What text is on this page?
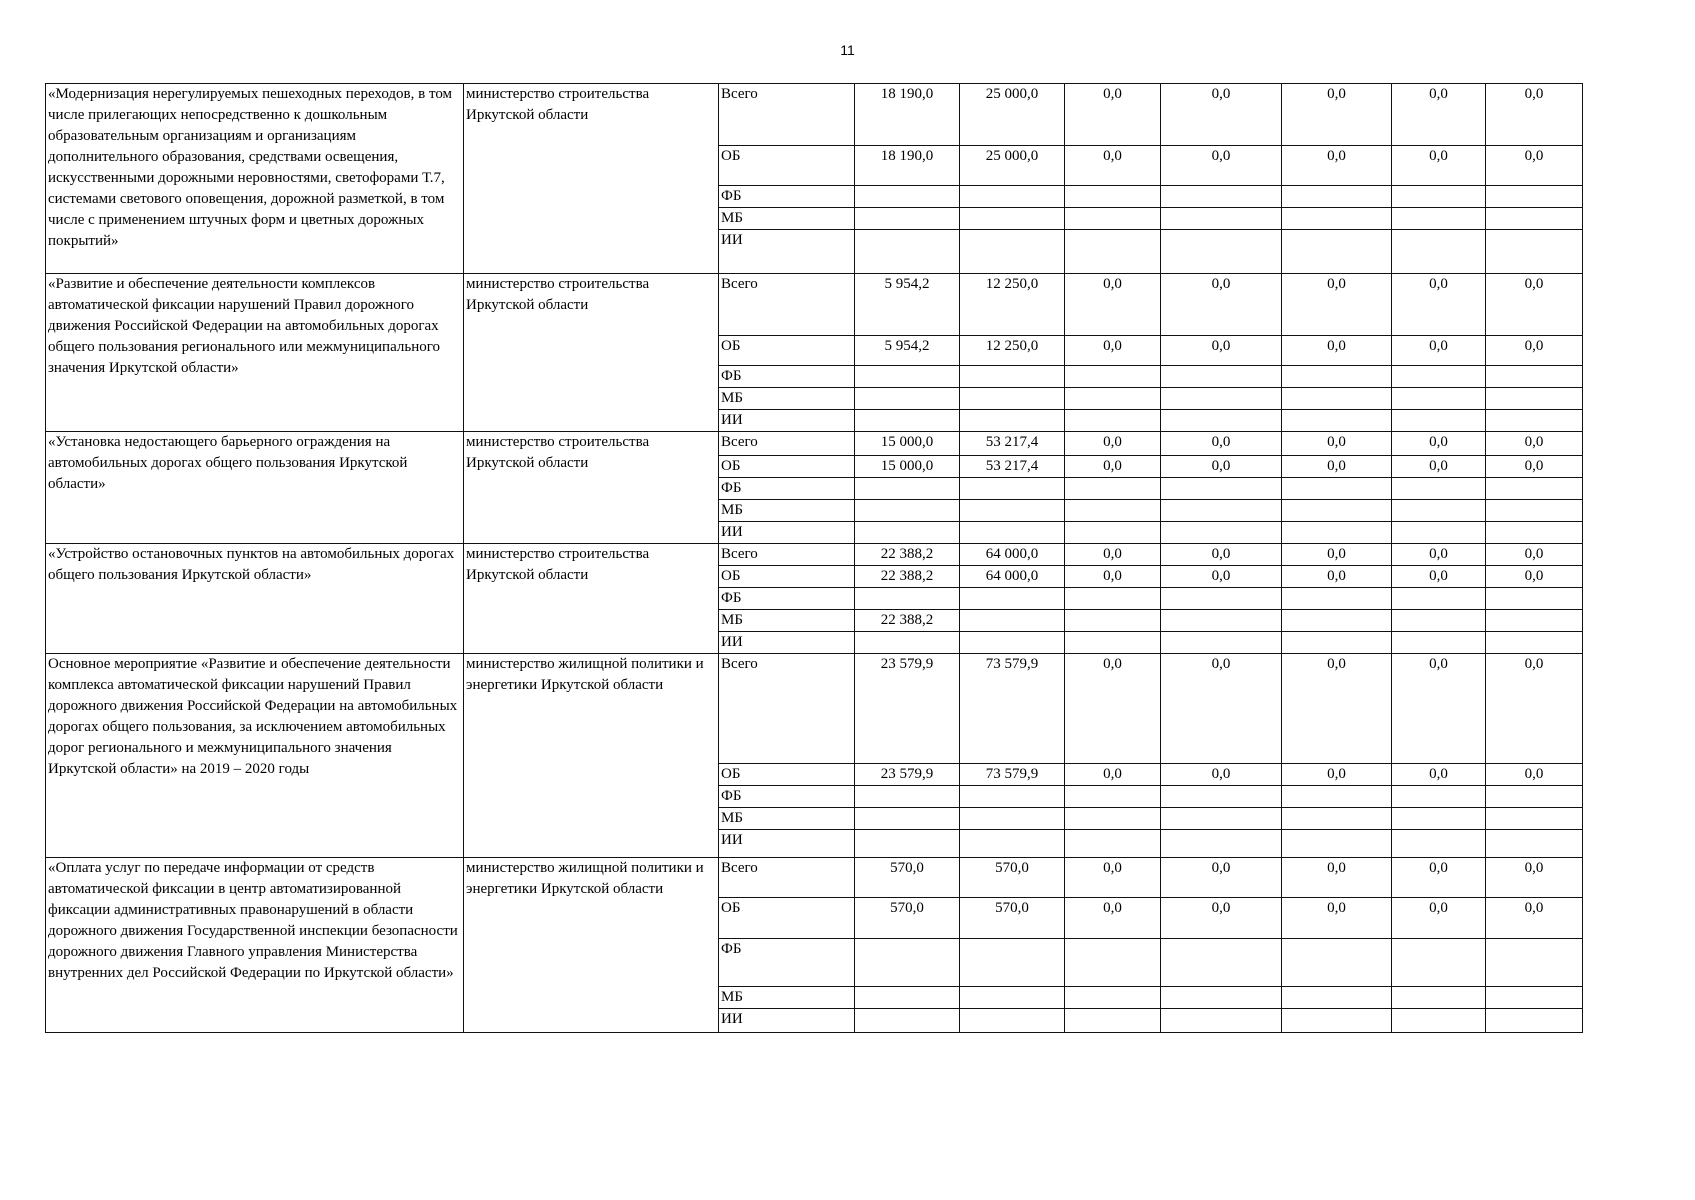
11
«Модернизация нерегулируемых пешеходных переходов, в том числе прилегающих непосредственно к дошкольным образовательным организациям и организациям дополнительного образования, средствами освещения, искусственными дорожными неровностями, светофорами Т.7, системами светового оповещения, дорожной разметкой, в том числе с применением штучных форм и цветных дорожных покрытий»	министерство строительства Иркутской области	Всего	18 190,0	25 000,0	0,0	0,0	0,0	0,0	0,0
		ОБ	18 190,0	25 000,0	0,0	0,0	0,0	0,0	0,0
		ФБ							
		МБ							
		ИИ							
«Развитие и обеспечение деятельности комплексов автоматической фиксации нарушений Правил дорожного движения Российской Федерации на автомобильных дорогах общего пользования регионального или межмуниципального значения Иркутской области»	министерство строительства Иркутской области	Всего	5 954,2	12 250,0	0,0	0,0	0,0	0,0	0,0
		ОБ	5 954,2	12 250,0	0,0	0,0	0,0	0,0	0,0
		ФБ							
		МБ							
		ИИ							
«Установка недостающего барьерного ограждения на автомобильных дорогах общего пользования Иркутской области»	министерство строительства Иркутской области	Всего	15 000,0	53 217,4	0,0	0,0	0,0	0,0	0,0
		ОБ	15 000,0	53 217,4	0,0	0,0	0,0	0,0	0,0
		ФБ							
		МБ							
		ИИ							
«Устройство остановочных пунктов на автомобильных дорогах общего пользования Иркутской области»	министерство строительства Иркутской области	Всего	22 388,2	64 000,0	0,0	0,0	0,0	0,0	0,0
		ОБ	22 388,2	64 000,0	0,0	0,0	0,0	0,0	0,0
		ФБ							
		МБ	22 388,2						
		ИИ							
Основное мероприятие «Развитие и обеспечение деятельности комплекса автоматической фиксации нарушений Правил дорожного движения Российской Федерации на автомобильных дорогах общего пользования, за исключением автомобильных дорог регионального и межмуниципального значения Иркутской области» на 2019 – 2020 годы	министерство жилищной политики и энергетики Иркутской области	Всего	23 579,9	73 579,9	0,0	0,0	0,0	0,0	0,0
		ОБ	23 579,9	73 579,9	0,0	0,0	0,0	0,0	0,0
		ФБ							
		МБ							
		ИИ							
«Оплата услуг по передаче информации от средств автоматической фиксации в центр автоматизированной фиксации административных правонарушений в области дорожного движения Государственной инспекции безопасности дорожного движения Главного управления Министерства внутренних дел Российской Федерации по Иркутской области»	министерство жилищной политики и энергетики Иркутской области	Всего	570,0	570,0	0,0	0,0	0,0	0,0	0,0
		ОБ	570,0	570,0	0,0	0,0	0,0	0,0	0,0
		ФБ							
		МБ							
		ИИ							
